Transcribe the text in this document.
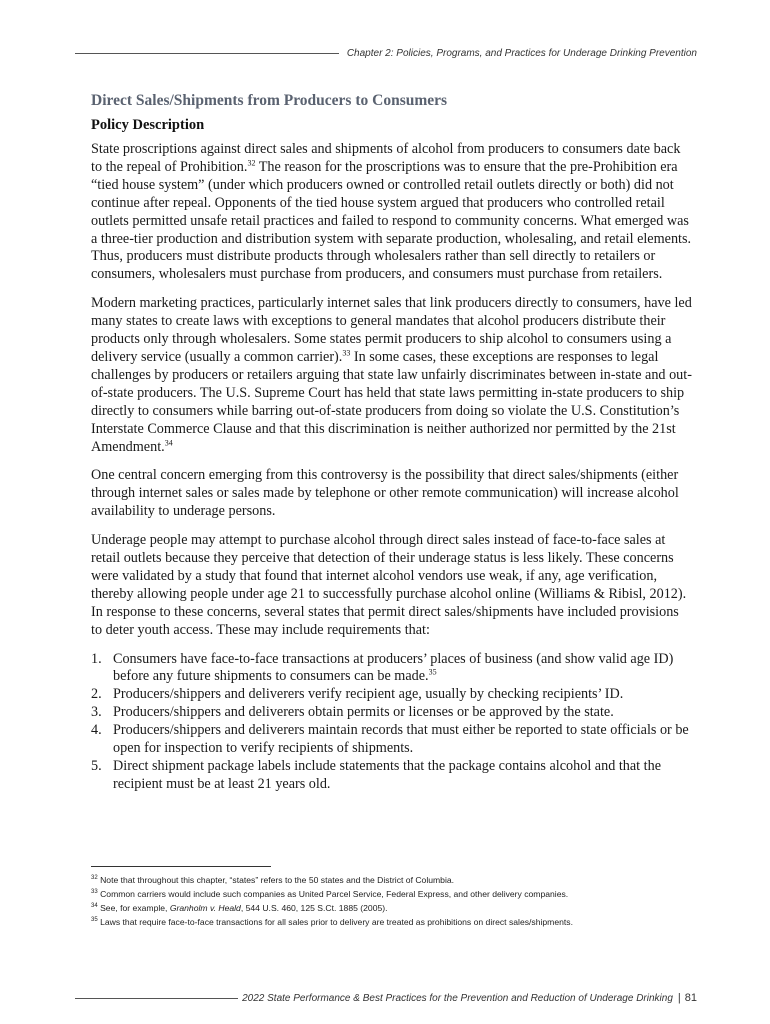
Chapter 2: Policies, Programs, and Practices for Underage Drinking Prevention
Direct Sales/Shipments from Producers to Consumers
Policy Description

State proscriptions against direct sales and shipments of alcohol from producers to consumers date back to the repeal of Prohibition.$^{32}$ The reason for the proscriptions was to ensure that the pre-Prohibition era “tied house system” (under which producers owned or controlled retail outlets directly or both) did not continue after repeal. Opponents of the tied house system argued that producers who controlled retail outlets permitted unsafe retail practices and failed to respond to community concerns. What emerged was a three-tier production and distribution system with separate production, wholesaling, and retail elements. Thus, producers must distribute products through wholesalers rather than sell directly to retailers or consumers, wholesalers must purchase from producers, and consumers must purchase from retailers.

Modern marketing practices, particularly internet sales that link producers directly to consumers, have led many states to create laws with exceptions to general mandates that alcohol producers distribute their products only through wholesalers. Some states permit producers to ship alcohol to consumers using a delivery service (usually a common carrier).$^{33}$ In some cases, these exceptions are responses to legal challenges by producers or retailers arguing that state law unfairly discriminates between in-state and out-of-state producers. The U.S. Supreme Court has held that state laws permitting in-state producers to ship directly to consumers while barring out-of-state producers from doing so violate the U.S. Constitution’s Interstate Commerce Clause and that this discrimination is neither authorized nor permitted by the 21st Amendment.$^{34}$

One central concern emerging from this controversy is the possibility that direct sales/shipments (either through internet sales or sales made by telephone or other remote communication) will increase alcohol availability to underage persons.

Underage people may attempt to purchase alcohol through direct sales instead of face-to-face sales at retail outlets because they perceive that detection of their underage status is less likely. These concerns were validated by a study that found that internet alcohol vendors use weak, if any, age verification, thereby allowing people under age 21 to successfully purchase alcohol online (Williams & Ribisl, 2012). In response to these concerns, several states that permit direct sales/shipments have included provisions to deter youth access. These may include requirements that:

1. Consumers have face-to-face transactions at producers’ places of business (and show valid age ID) before any future shipments to consumers can be made.$^{35}$
2. Producers/shippers and deliverers verify recipient age, usually by checking recipients’ ID.
3. Producers/shippers and deliverers obtain permits or licenses or be approved by the state.
4. Producers/shippers and deliverers maintain records that must either be reported to state officials or be open for inspection to verify recipients of shipments.
5. Direct shipment package labels include statements that the package contains alcohol and that the recipient must be at least 21 years old.
$^{32}$ Note that throughout this chapter, “states” refers to the 50 states and the District of Columbia.
$^{33}$ Common carriers would include such companies as United Parcel Service, Federal Express, and other delivery companies.
$^{34}$ See, for example, Granholm v. Heald, 544 U.S. 460, 125 S.Ct. 1885 (2005).
$^{35}$ Laws that require face-to-face transactions for all sales prior to delivery are treated as prohibitions on direct sales/shipments.
2022 State Performance & Best Practices for the Prevention and Reduction of Underage Drinking | 81
